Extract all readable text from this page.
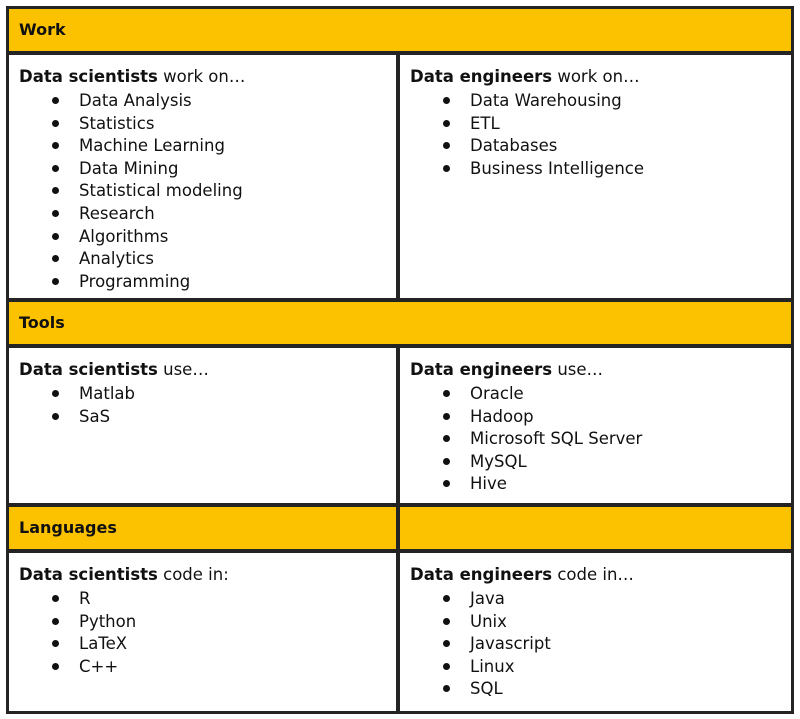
Work

Data scientists work on…

Data Analysis
Statistics
Machine Learning
Data Mining
Statistical modeling
Research
Algorithms
Analytics
Programming

Data engineers work on…

Data Warehousing
ETL
Databases
Business Intelligence
Tools

Data scientists use…

Matlab
SaS

Data engineers use…

Oracle
Hadoop
Microsoft SQL Server
MySQL
Hive
Languages

Data scientists code in:

R
Python
LaTeX
C++

Data engineers code in…

Java
Unix
Javascript
Linux
SQL
